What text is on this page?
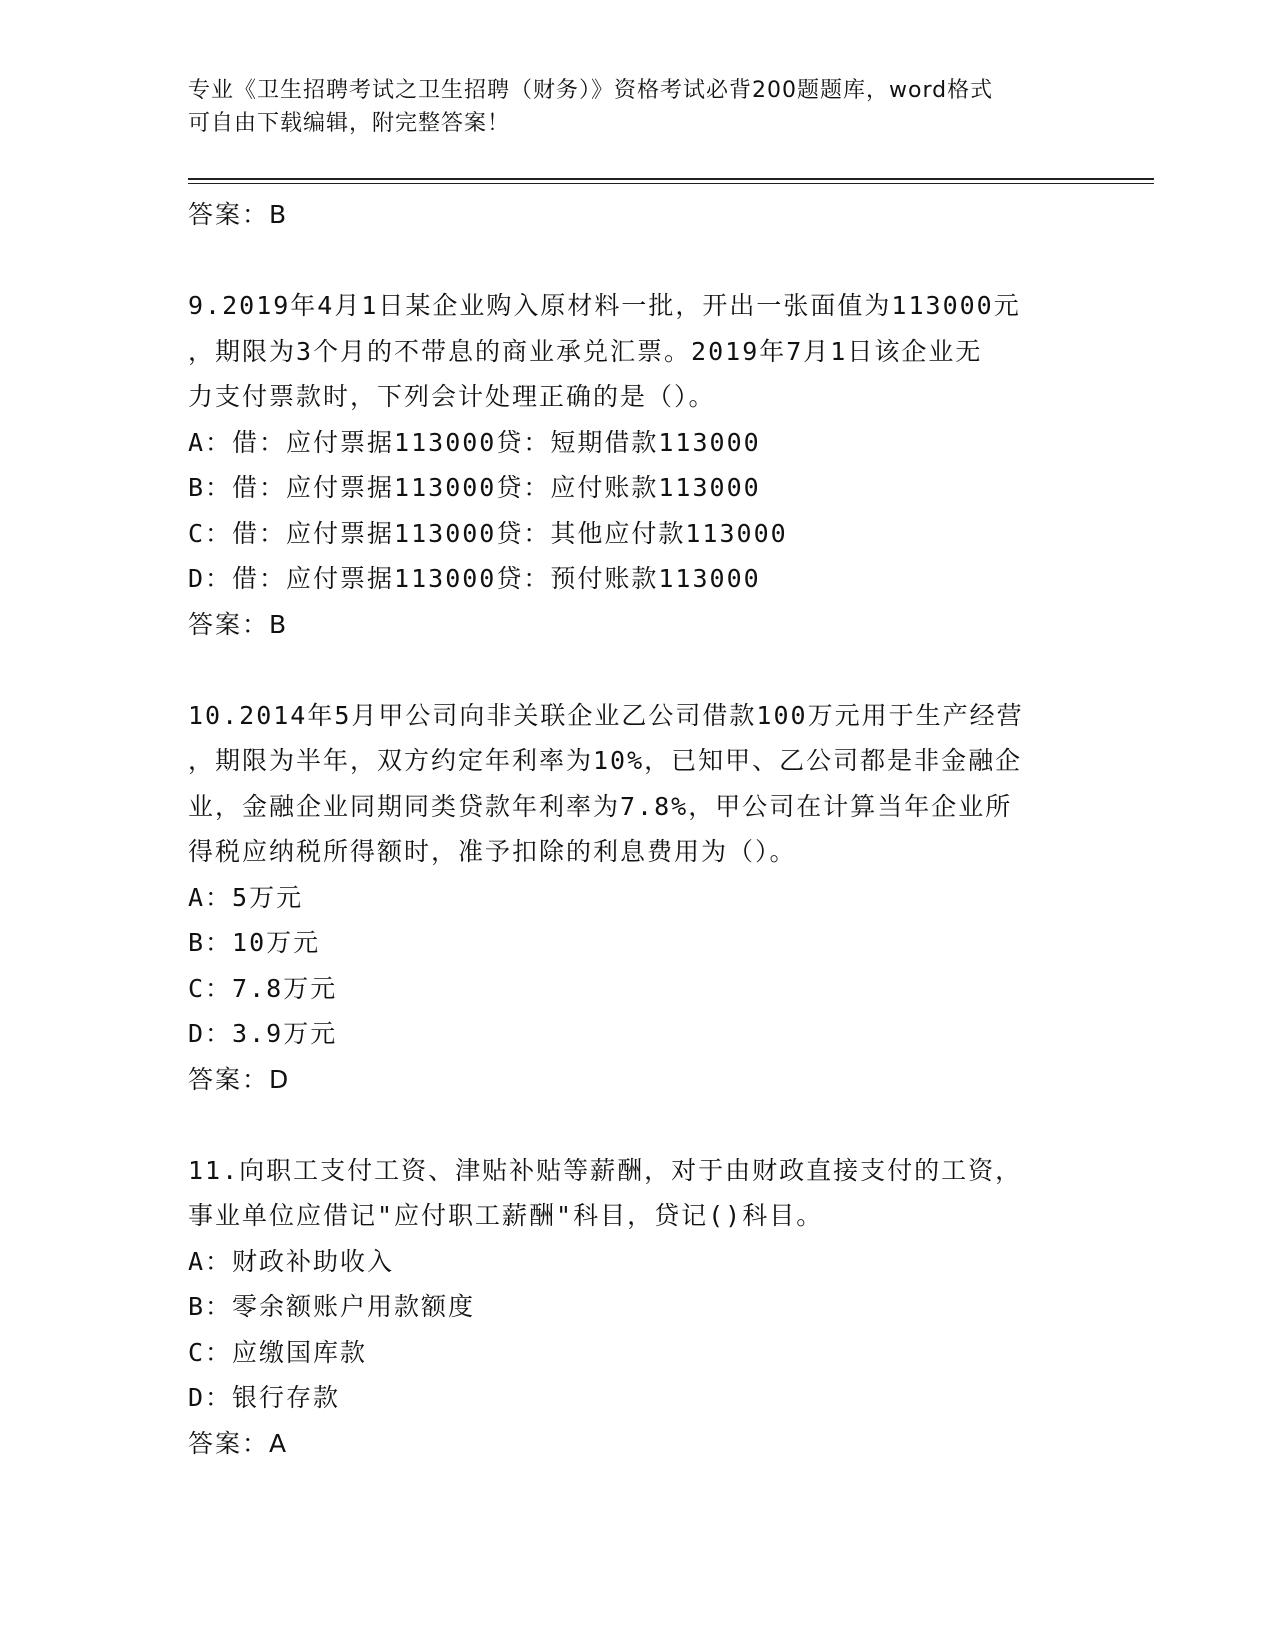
专业《卫生招聘考试之卫生招聘（财务）》资格考试必背200题题库，word格式
可自由下载编辑，附完整答案！
答案：B
9.2019年4月1日某企业购入原材料一批，开出一张面值为113000元
，期限为3个月的不带息的商业承兑汇票。2019年7月1日该企业无
力支付票款时，下列会计处理正确的是（）。
A：借：应付票据113000贷：短期借款113000
B：借：应付票据113000贷：应付账款113000
C：借：应付票据113000贷：其他应付款113000
D：借：应付票据113000贷：预付账款113000
答案：B
10.2014年5月甲公司向非关联企业乙公司借款100万元用于生产经营
，期限为半年，双方约定年利率为10%，已知甲、乙公司都是非金融企
业，金融企业同期同类贷款年利率为7.8%，甲公司在计算当年企业所
得税应纳税所得额时，准予扣除的利息费用为（）。
A：5万元
B：10万元
C：7.8万元
D：3.9万元
答案：D
11.向职工支付工资、津贴补贴等薪酬，对于由财政直接支付的工资，
事业单位应借记"应付职工薪酬"科目，贷记()科目。
A：财政补助收入
B：零余额账户用款额度
C：应缴国库款
D：银行存款
答案：A
